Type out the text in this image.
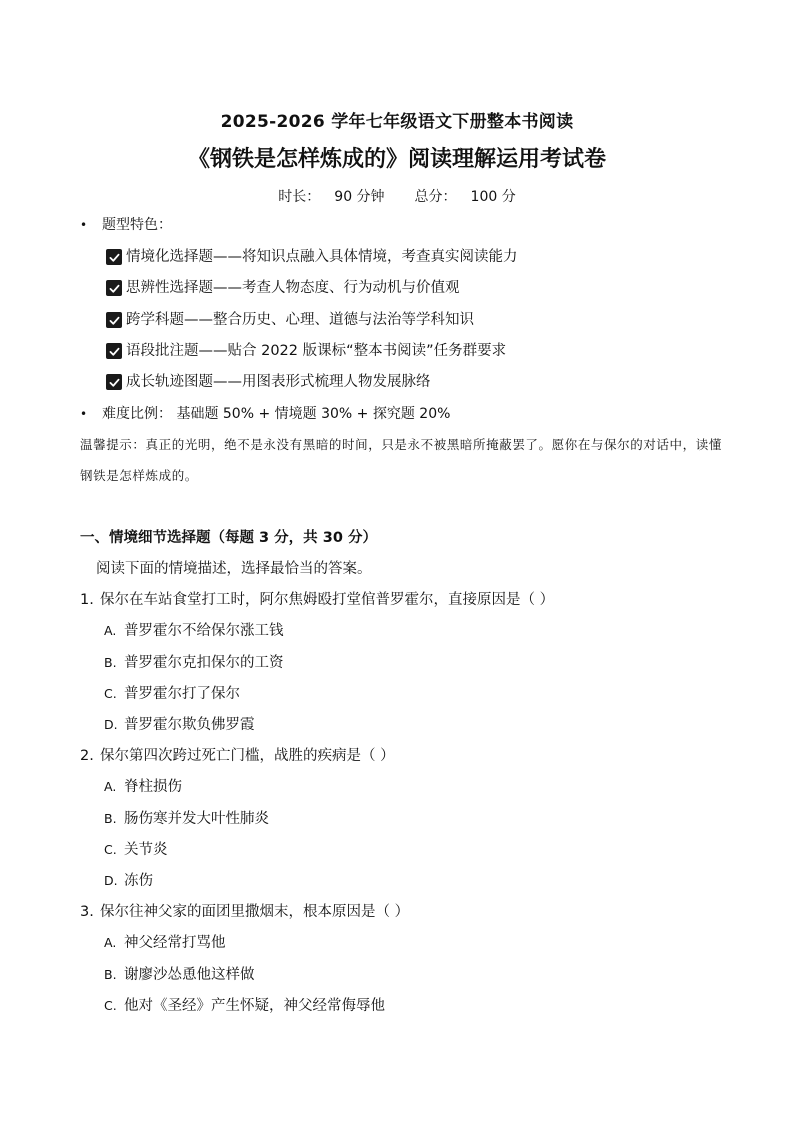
2025-2026 学年七年级语文下册整本书阅读
《钢铁是怎样炼成的》阅读理解运用考试卷
时长： 90 分钟 总分： 100 分
• 题型特色：
情境化选择题——将知识点融入具体情境，考查真实阅读能力
思辨性选择题——考查人物态度、行为动机与价值观
跨学科题——整合历史、心理、道德与法治等学科知识
语段批注题——贴合 2022 版课标“整本书阅读”任务群要求
成长轨迹图题——用图表形式梳理人物发展脉络
• 难度比例： 基础题 50% + 情境题 30% + 探究题 20%
温馨提示：真正的光明，绝不是永没有黑暗的时间，只是永不被黑暗所掩蔽罢了。愿你在与保尔的对话中，读懂钢铁是怎样炼成的。
一、情境细节选择题（每题 3 分，共 30 分）
阅读下面的情境描述，选择最恰当的答案。
1. 保尔在车站食堂打工时，阿尔焦姆殴打堂倌普罗霍尔，直接原因是（ ）
A. 普罗霍尔不给保尔涨工钱
B. 普罗霍尔克扣保尔的工资
C. 普罗霍尔打了保尔
D. 普罗霍尔欺负佛罗霞
2. 保尔第四次跨过死亡门槛，战胜的疾病是（ ）
A. 脊柱损伤
B. 肠伤寒并发大叶性肺炎
C. 关节炎
D. 冻伤
3. 保尔往神父家的面团里撒烟末，根本原因是（ ）
A. 神父经常打骂他
B. 谢廖沙怂恿他这样做
C. 他对《圣经》产生怀疑，神父经常侮辱他
